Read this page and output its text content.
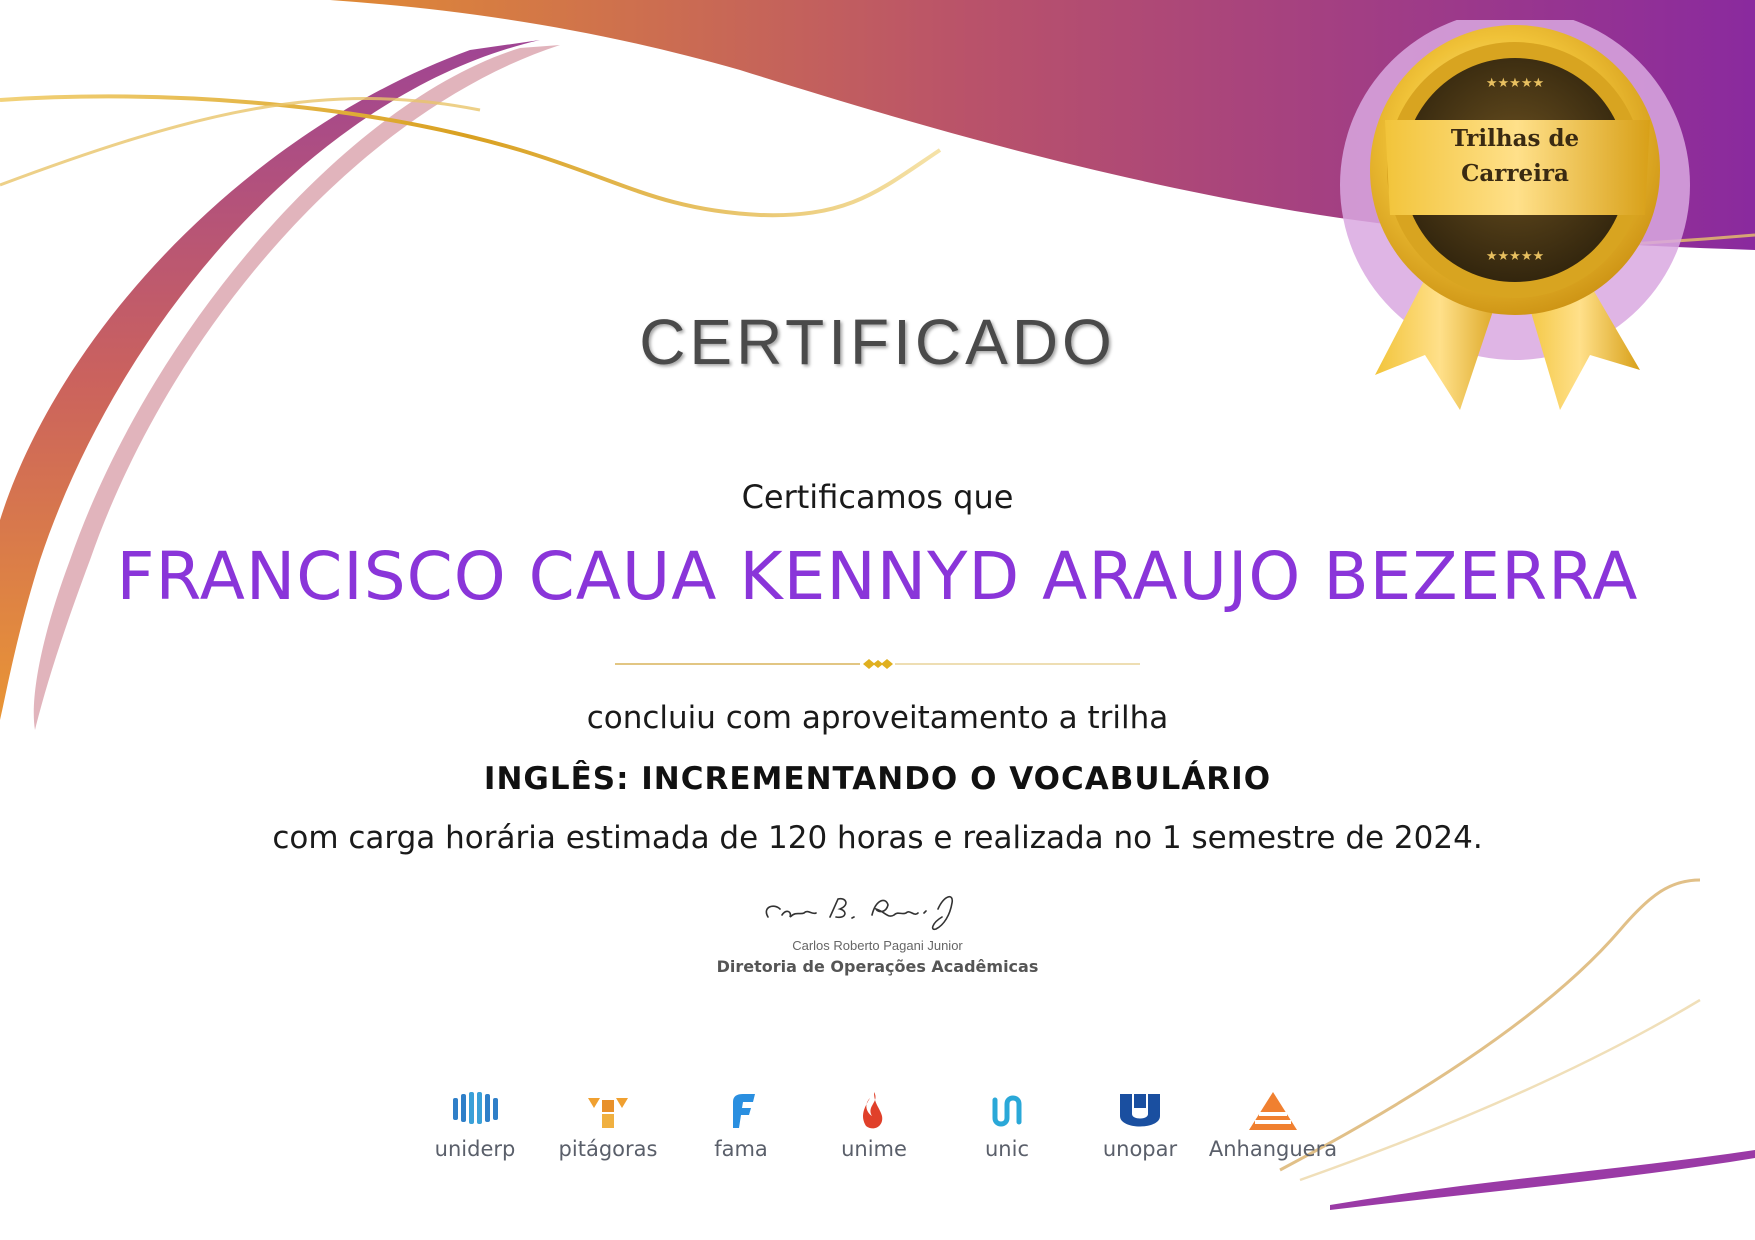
★★★★★
★★★★★
Trilhas de
Carreira
CERTIFICADO
Certificamos que
FRANCISCO CAUA KENNYD ARAUJO BEZERRA
concluiu com aproveitamento a trilha
INGLÊS: INCREMENTANDO O VOCABULÁRIO
com carga horária estimada de 120 horas e realizada no 1 semestre de 2024.
Carlos Roberto Pagani Junior
Diretoria de Operações Acadêmicas
uniderp	pitágoras	fama	unime	unic	unopar	Anhanguera
